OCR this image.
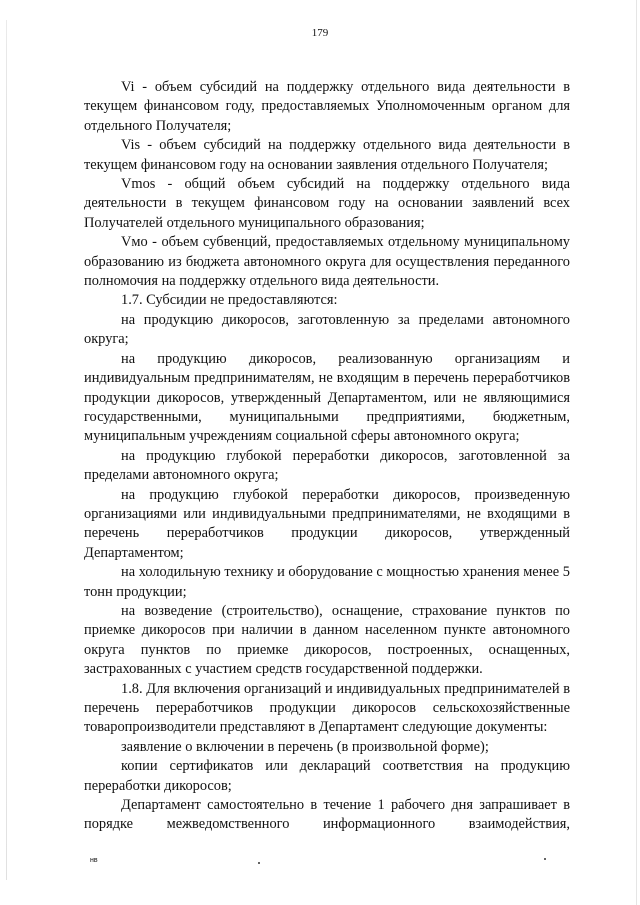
179

Vi - объем субсидий на поддержку отдельного вида деятельности в текущем финансовом году, предоставляемых Уполномоченным органом для отдельного Получателя;

Vis - объем субсидий на поддержку отдельного вида деятельности в текущем финансовом году на основании заявления отдельного Получателя;

Vmos - общий объем субсидий на поддержку отдельного вида деятельности в текущем финансовом году на основании заявлений всех Получателей отдельного муниципального образования;

Vмо - объем субвенций, предоставляемых отдельному муниципальному образованию из бюджета автономного округа для осуществления переданного полномочия на поддержку отдельного вида деятельности.

1.7. Субсидии не предоставляются:

на продукцию дикоросов, заготовленную за пределами автономного округа;

на продукцию дикоросов, реализованную организациям и индивидуальным предпринимателям, не входящим в перечень переработчиков продукции дикоросов, утвержденный Департаментом, или не являющимися государственными, муниципальными предприятиями, бюджетным, муниципальным учреждениям социальной сферы автономного округа;

на продукцию глубокой переработки дикоросов, заготовленной за пределами автономного округа;

на продукцию глубокой переработки дикоросов, произведенную организациями или индивидуальными предпринимателями, не входящими в перечень переработчиков продукции дикоросов, утвержденный Департаментом;

на холодильную технику и оборудование с мощностью хранения менее 5 тонн продукции;

на возведение (строительство), оснащение, страхование пунктов по приемке дикоросов при наличии в данном населенном пункте автономного округа пунктов по приемке дикоросов, построенных, оснащенных, застрахованных с участием средств государственной поддержки.

1.8. Для включения организаций и индивидуальных предпринимателей в перечень переработчиков продукции дикоросов сельскохозяйственные товаропроизводители представляют в Департамент следующие документы:

заявление о включении в перечень (в произвольной форме);

копии сертификатов или деклараций соответствия на продукцию переработки дикоросов;

Департамент самостоятельно в течение 1 рабочего дня запрашивает в порядке межведомственного информационного взаимодействия,

нв
